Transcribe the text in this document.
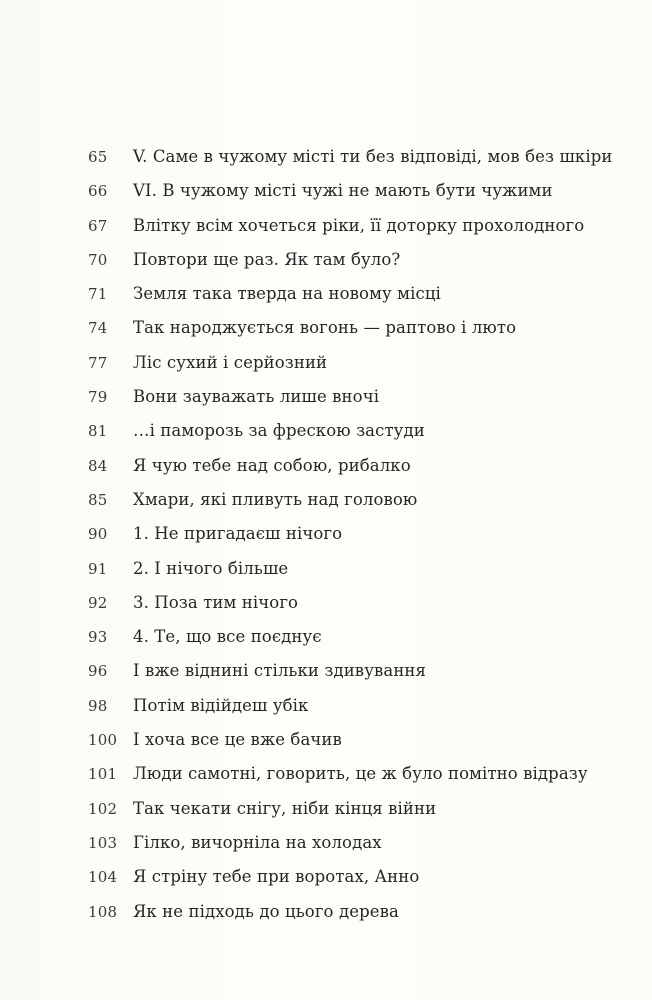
65	V. Саме в чужому місті ти без відповіді, мов без шкіри
66	VI. В чужому місті чужі не мають бути чужими
67	Влітку всім хочеться ріки, її доторку прохолодного
70	Повтори ще раз. Як там було?
71	Земля така тверда на новому місці
74	Так народжується вогонь — раптово і люто
77	Ліс сухий і серйозний
79	Вони зауважать лише вночі
81	…і паморозь за фрескою застуди
84	Я чую тебе над собою, рибалко
85	Хмари, які пливуть над головою
90	1. Не пригадаєш нічого
91	2. І нічого більше
92	3. Поза тим нічого
93	4. Те, що все поєднує
96	І вже віднині стільки здивування
98	Потім відійдеш убік
100 І хоча все це вже бачив
101 Люди самотні, говорить, це ж було помітно відразу
102 Так чекати снігу, ніби кінця війни
103 Гілко, вичорніла на холодах
104 Я стріну тебе при воротах, Анно
108 Як не підходь до цього дерева
